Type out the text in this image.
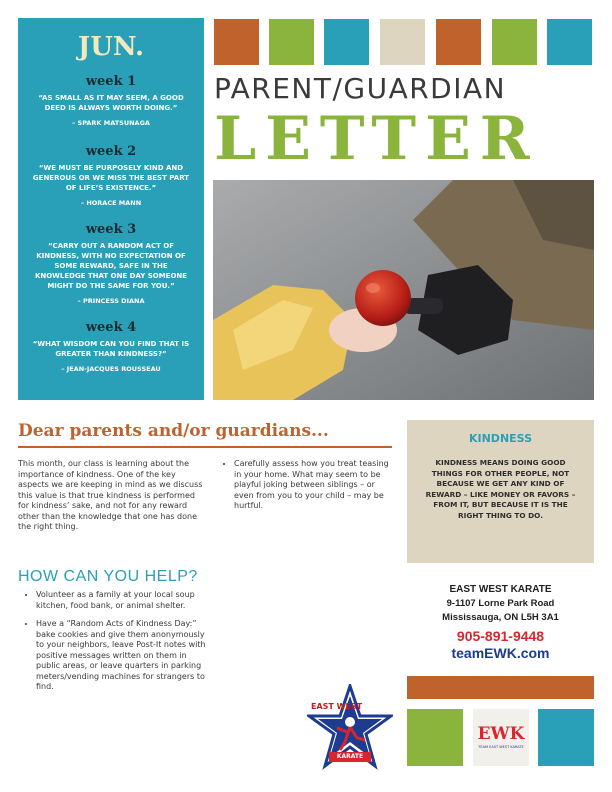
JUN.
week 1
“AS SMALL AS IT MAY SEEM, A GOOD DEED IS ALWAYS WORTH DOING.”
– SPARK MATSUNAGA
week 2
“WE MUST BE PURPOSELY KIND AND GENEROUS OR WE MISS THE BEST PART OF LIFE’S EXISTENCE.”
– HORACE MANN
week 3
“CARRY OUT A RANDOM ACT OF KINDNESS, WITH NO EXPECTATION OF SOME REWARD, SAFE IN THE KNOWLEDGE THAT ONE DAY SOMEONE MIGHT DO THE SAME FOR YOU.”
– PRINCESS DIANA
week 4
“WHAT WISDOM CAN YOU FIND THAT IS GREATER THAN KINDNESS?”
– JEAN-JACQUES ROUSSEAU
PARENT/GUARDIAN
LETTER
Dear parents and/or guardians...
This month, our class is learning about the importance of kindness. One of the key aspects we are keeping in mind as we discuss this value is that true kindness is performed for kindness’ sake, and not for any reward other than the knowledge that one has done the right thing.
• Carefully assess how you treat teasing in your home. What may seem to be playful joking between siblings – or even from you to your child – may be hurtful.
HOW CAN YOU HELP?
• Volunteer as a family at your local soup kitchen, food bank, or animal shelter.
• Have a “Random Acts of Kindness Day:” bake cookies and give them anonymously to your neighbors, leave Post-It notes with positive messages written on them in public areas, or leave quarters in parking meters/vending machines for strangers to find.
KINDNESS
KINDNESS MEANS DOING GOOD THINGS FOR OTHER PEOPLE, NOT BECAUSE WE GET ANY KIND OF REWARD – LIKE MONEY OR FAVORS – FROM IT, BUT BECAUSE IT IS THE RIGHT THING TO DO.
EAST WEST KARATE
9-1107 Lorne Park Road
Mississauga, ON L5H 3A1
905-891-9448
teamEWK.com
EAST WEST
KARATE
EWK
TEAM EAST WEST KARATE
